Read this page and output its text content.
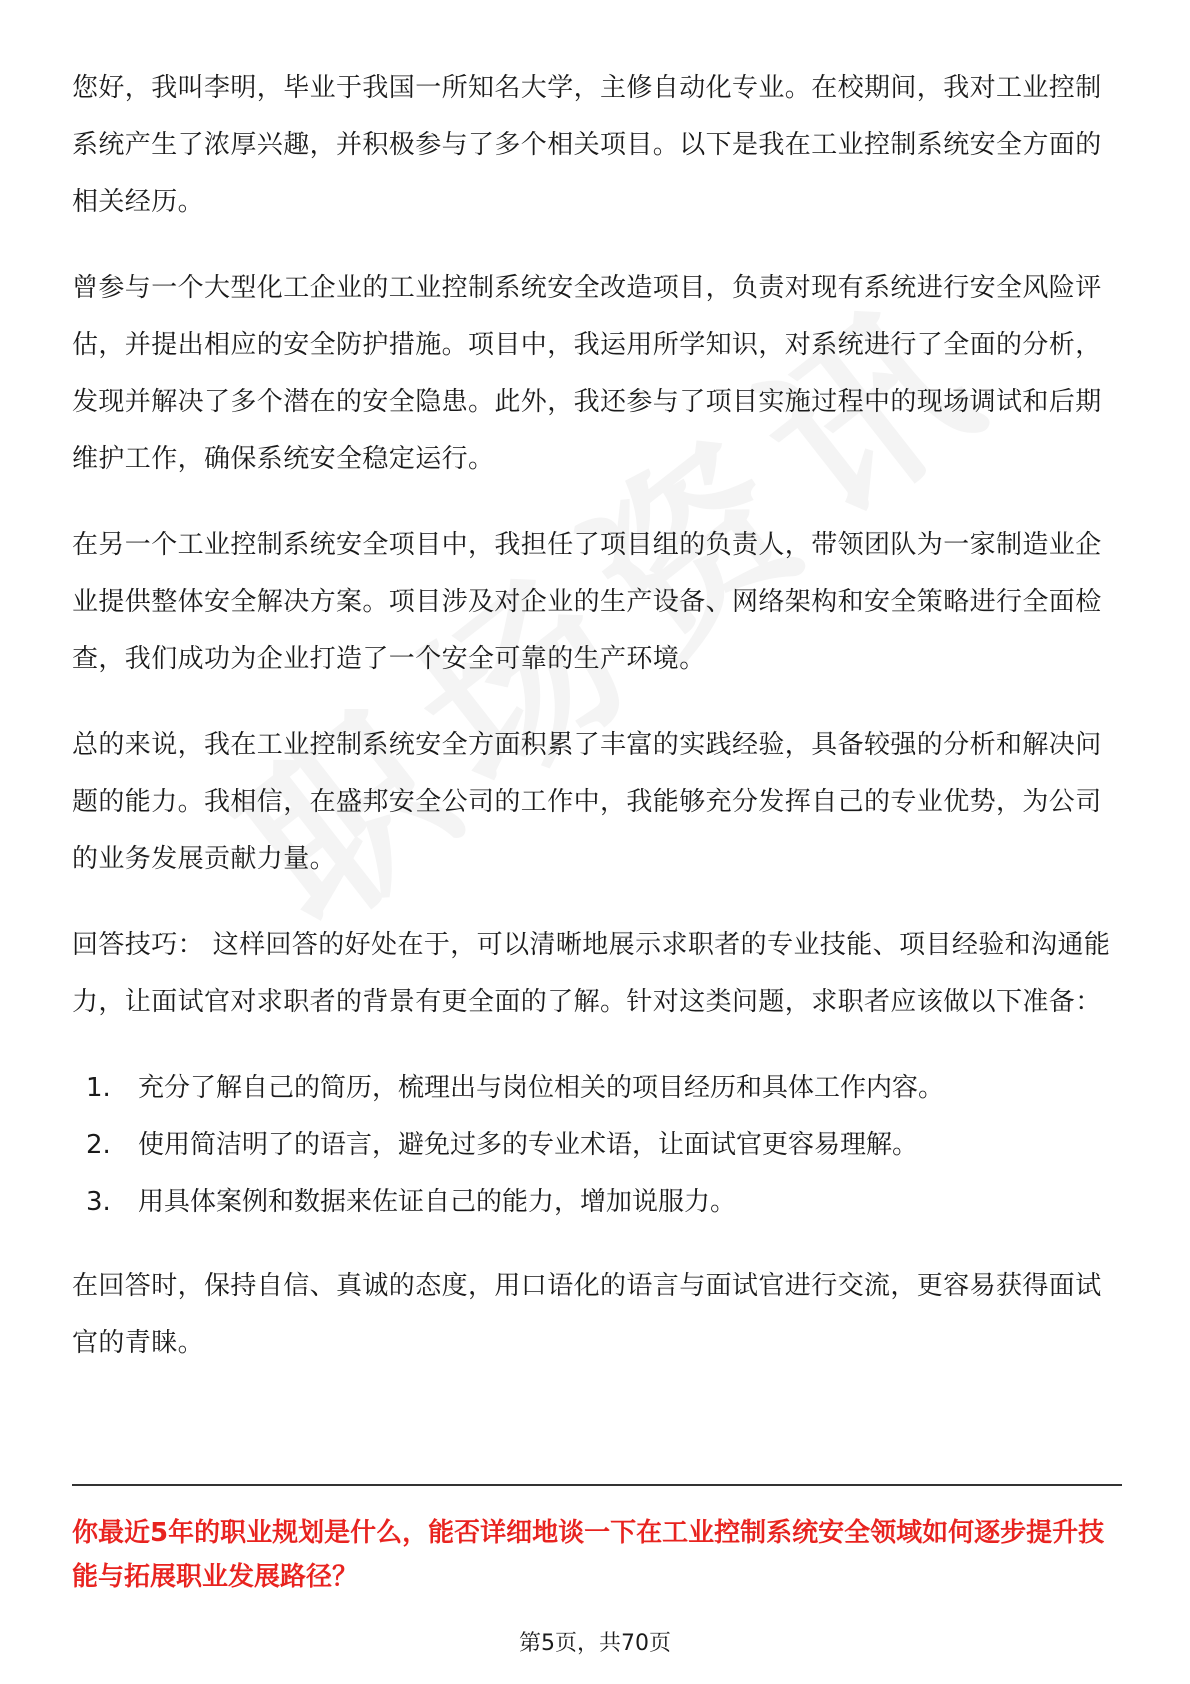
您好，我叫李明，毕业于我国一所知名大学，主修自动化专业。在校期间，我对工业控制系统产生了浓厚兴趣，并积极参与了多个相关项目。以下是我在工业控制系统安全方面的相关经历。

曾参与一个大型化工企业的工业控制系统安全改造项目，负责对现有系统进行安全风险评估，并提出相应的安全防护措施。项目中，我运用所学知识，对系统进行了全面的分析，发现并解决了多个潜在的安全隐患。此外，我还参与了项目实施过程中的现场调试和后期维护工作，确保系统安全稳定运行。

在另一个工业控制系统安全项目中，我担任了项目组的负责人，带领团队为一家制造业企业提供整体安全解决方案。项目涉及对企业的生产设备、网络架构和安全策略进行全面检查，我们成功为企业打造了一个安全可靠的生产环境。

总的来说，我在工业控制系统安全方面积累了丰富的实践经验，具备较强的分析和解决问题的能力。我相信，在盛邦安全公司的工作中，我能够充分发挥自己的专业优势，为公司的业务发展贡献力量。

回答技巧： 这样回答的好处在于，可以清晰地展示求职者的专业技能、项目经验和沟通能力，让面试官对求职者的背景有更全面的了解。针对这类问题，求职者应该做以下准备：

1.	充分了解自己的简历，梳理出与岗位相关的项目经历和具体工作内容。
2.	使用简洁明了的语言，避免过多的专业术语，让面试官更容易理解。
3.	用具体案例和数据来佐证自己的能力，增加说服力。

在回答时，保持自信、真诚的态度，用口语化的语言与面试官进行交流，更容易获得面试官的青睐。

你最近5年的职业规划是什么，能否详细地谈一下在工业控制系统安全领域如何逐步提升技能与拓展职业发展路径？
第5页，共70页
